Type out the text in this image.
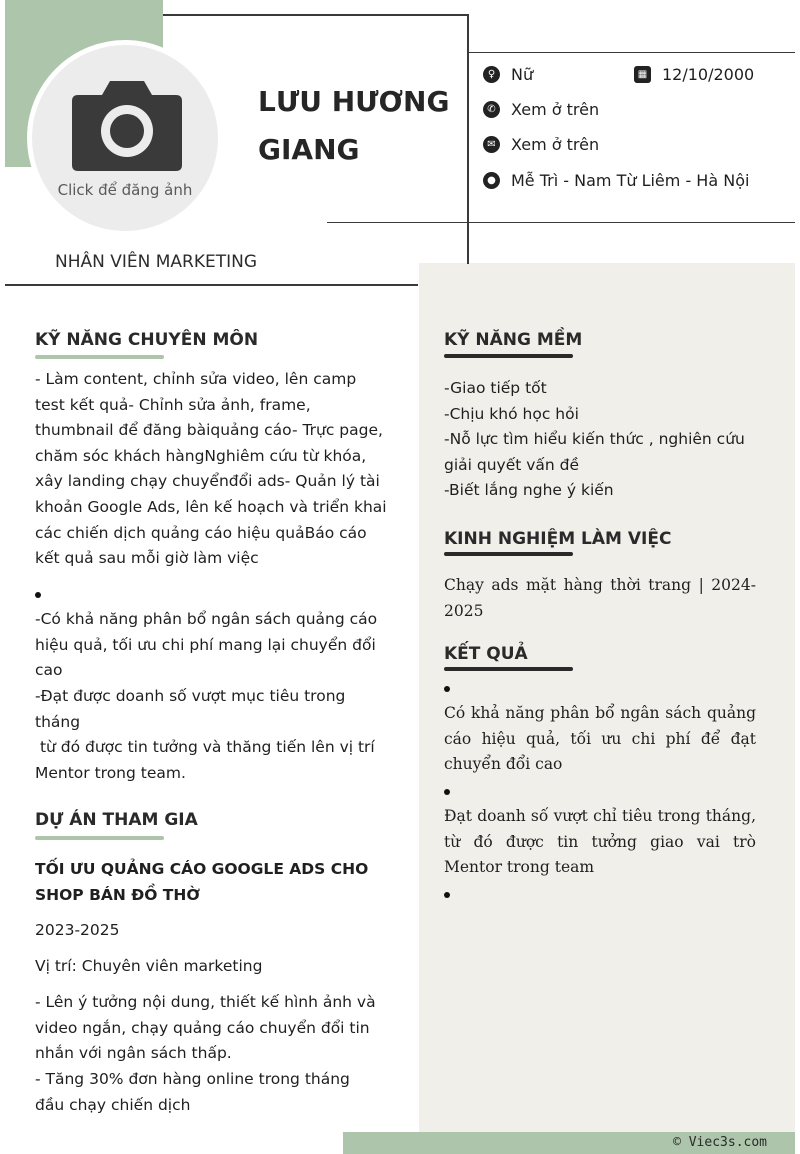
Click để đăng ảnh
LƯU HƯƠNG
GIANG
NHÂN VIÊN MARKETING
♀ Nữ	▦ 12/10/2000
✆ Xem ở trên
✉ Xem ở trên
● Mễ Trì - Nam Từ Liêm - Hà Nội
KỸ NĂNG CHUYÊN MÔN
- Làm content, chỉnh sửa video, lên camp test kết quả- Chỉnh sửa ảnh, frame, thumbnail để đăng bàiquảng cáo- Trực page, chăm sóc khách hàngNghiêm cứu từ khóa, xây landing chạy chuyểnđổi ads- Quản lý tài khoản Google Ads, lên kế hoạch và triển khai các chiến dịch quảng cáo hiệu quảBáo cáo kết quả sau mỗi giờ làm việc
-Có khả năng phân bổ ngân sách quảng cáo hiệu quả, tối ưu chi phí mang lại chuyển đổi cao
-Đạt được doanh số vượt mục tiêu trong tháng
từ đó được tin tưởng và thăng tiến lên vị trí Mentor trong team.
DỰ ÁN THAM GIA
TỐI ƯU QUẢNG CÁO GOOGLE ADS CHO SHOP BÁN ĐỒ THỜ
2023-2025
Vị trí: Chuyên viên marketing
- Lên ý tưởng nội dung, thiết kế hình ảnh và video ngắn, chạy quảng cáo chuyển đổi tin nhắn với ngân sách thấp.
- Tăng 30% đơn hàng online trong tháng đầu chạy chiến dịch
KỸ NĂNG MỀM
-Giao tiếp tốt
-Chịu khó học hỏi
-Nỗ lực tìm hiểu kiến thức , nghiên cứu giải quyết vấn đề
-Biết lắng nghe ý kiến
KINH NGHIỆM LÀM VIỆC
Chạy ads mặt hàng thời trang | 2024-2025
KẾT QUẢ
Có khả năng phân bổ ngân sách quảng cáo hiệu quả, tối ưu chi phí để đạt chuyển đổi cao
Đạt doanh số vượt chỉ tiêu trong tháng, từ đó được tin tưởng giao vai trò Mentor trong team
© Viec3s.com
